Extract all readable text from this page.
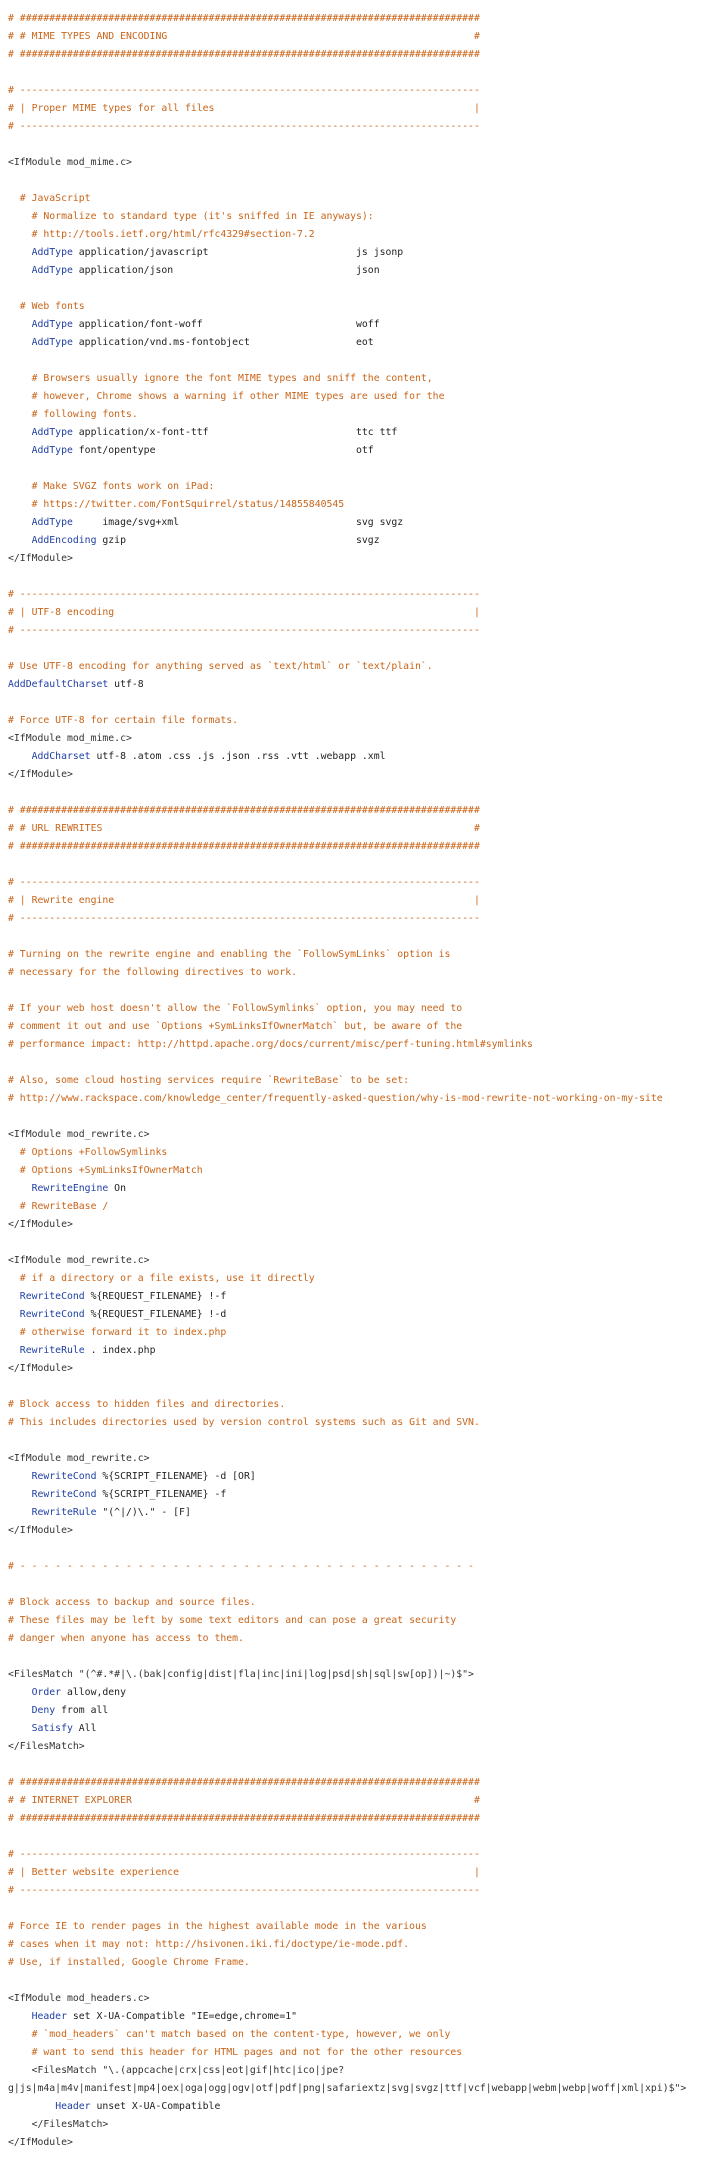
# ##############################################################################
# # MIME TYPES AND ENCODING                                                    #
# ##############################################################################
# ------------------------------------------------------------------------------
# | Proper MIME types for all files                                            |
# ------------------------------------------------------------------------------
<IfModule mod_mime.c>
# JavaScript
# Normalize to standard type (it's sniffed in IE anyways):
# http://tools.ietf.org/html/rfc4329#section-7.2
AddType application/javascript                         js jsonp
AddType application/json                               json
# Web fonts
AddType application/font-woff                          woff
AddType application/vnd.ms-fontobject                  eot
# Browsers usually ignore the font MIME types and sniff the content,
# however, Chrome shows a warning if other MIME types are used for the
# following fonts.
AddType application/x-font-ttf                         ttc ttf
AddType font/opentype                                  otf
# Make SVGZ fonts work on iPad:
# https://twitter.com/FontSquirrel/status/14855840545
AddType     image/svg+xml                              svg svgz
AddEncoding gzip                                       svgz
</IfModule>
# ------------------------------------------------------------------------------
# | UTF-8 encoding                                                             |
# ------------------------------------------------------------------------------
# Use UTF-8 encoding for anything served as `text/html` or `text/plain`.
AddDefaultCharset utf-8
# Force UTF-8 for certain file formats.
<IfModule mod_mime.c>
AddCharset utf-8 .atom .css .js .json .rss .vtt .webapp .xml
</IfModule>
# ##############################################################################
# # URL REWRITES                                                               #
# ##############################################################################
# ------------------------------------------------------------------------------
# | Rewrite engine                                                             |
# ------------------------------------------------------------------------------
# Turning on the rewrite engine and enabling the `FollowSymLinks` option is
# necessary for the following directives to work.
# If your web host doesn't allow the `FollowSymlinks` option, you may need to
# comment it out and use `Options +SymLinksIfOwnerMatch` but, be aware of the
# performance impact: http://httpd.apache.org/docs/current/misc/perf-tuning.html#symlinks
# Also, some cloud hosting services require `RewriteBase` to be set:
# http://www.rackspace.com/knowledge_center/frequently-asked-question/why-is-mod-rewrite-not-working-on-my-site
<IfModule mod_rewrite.c>
# Options +FollowSymlinks
# Options +SymLinksIfOwnerMatch
RewriteEngine On
# RewriteBase /
</IfModule>
<IfModule mod_rewrite.c>
# if a directory or a file exists, use it directly
RewriteCond %{REQUEST_FILENAME} !-f
RewriteCond %{REQUEST_FILENAME} !-d
# otherwise forward it to index.php
RewriteRule . index.php
</IfModule>
# Block access to hidden files and directories.
# This includes directories used by version control systems such as Git and SVN.
<IfModule mod_rewrite.c>
RewriteCond %{SCRIPT_FILENAME} -d [OR]
RewriteCond %{SCRIPT_FILENAME} -f
RewriteRule "(^|/)\." - [F]
</IfModule>
# - - - - - - - - - - - - - - - - - - - - - - - - - - - - - - - - - - - - - - -
# Block access to backup and source files.
# These files may be left by some text editors and can pose a great security
# danger when anyone has access to them.
<FilesMatch "(^#.*#|\.(bak|config|dist|fla|inc|ini|log|psd|sh|sql|sw[op])|~)$">
Order allow,deny
Deny from all
Satisfy All
</FilesMatch>
# ##############################################################################
# # INTERNET EXPLORER                                                          #
# ##############################################################################
# ------------------------------------------------------------------------------
# | Better website experience                                                  |
# ------------------------------------------------------------------------------
# Force IE to render pages in the highest available mode in the various
# cases when it may not: http://hsivonen.iki.fi/doctype/ie-mode.pdf.
# Use, if installed, Google Chrome Frame.
<IfModule mod_headers.c>
Header set X-UA-Compatible "IE=edge,chrome=1"
# `mod_headers` can't match based on the content-type, however, we only
# want to send this header for HTML pages and not for the other resources
<FilesMatch "\.(appcache|crx|css|eot|gif|htc|ico|jpe?
g|js|m4a|m4v|manifest|mp4|oex|oga|ogg|ogv|otf|pdf|png|safariextz|svg|svgz|ttf|vcf|webapp|webm|webp|woff|xml|xpi)$">
Header unset X-UA-Compatible
</FilesMatch>
</IfModule>
